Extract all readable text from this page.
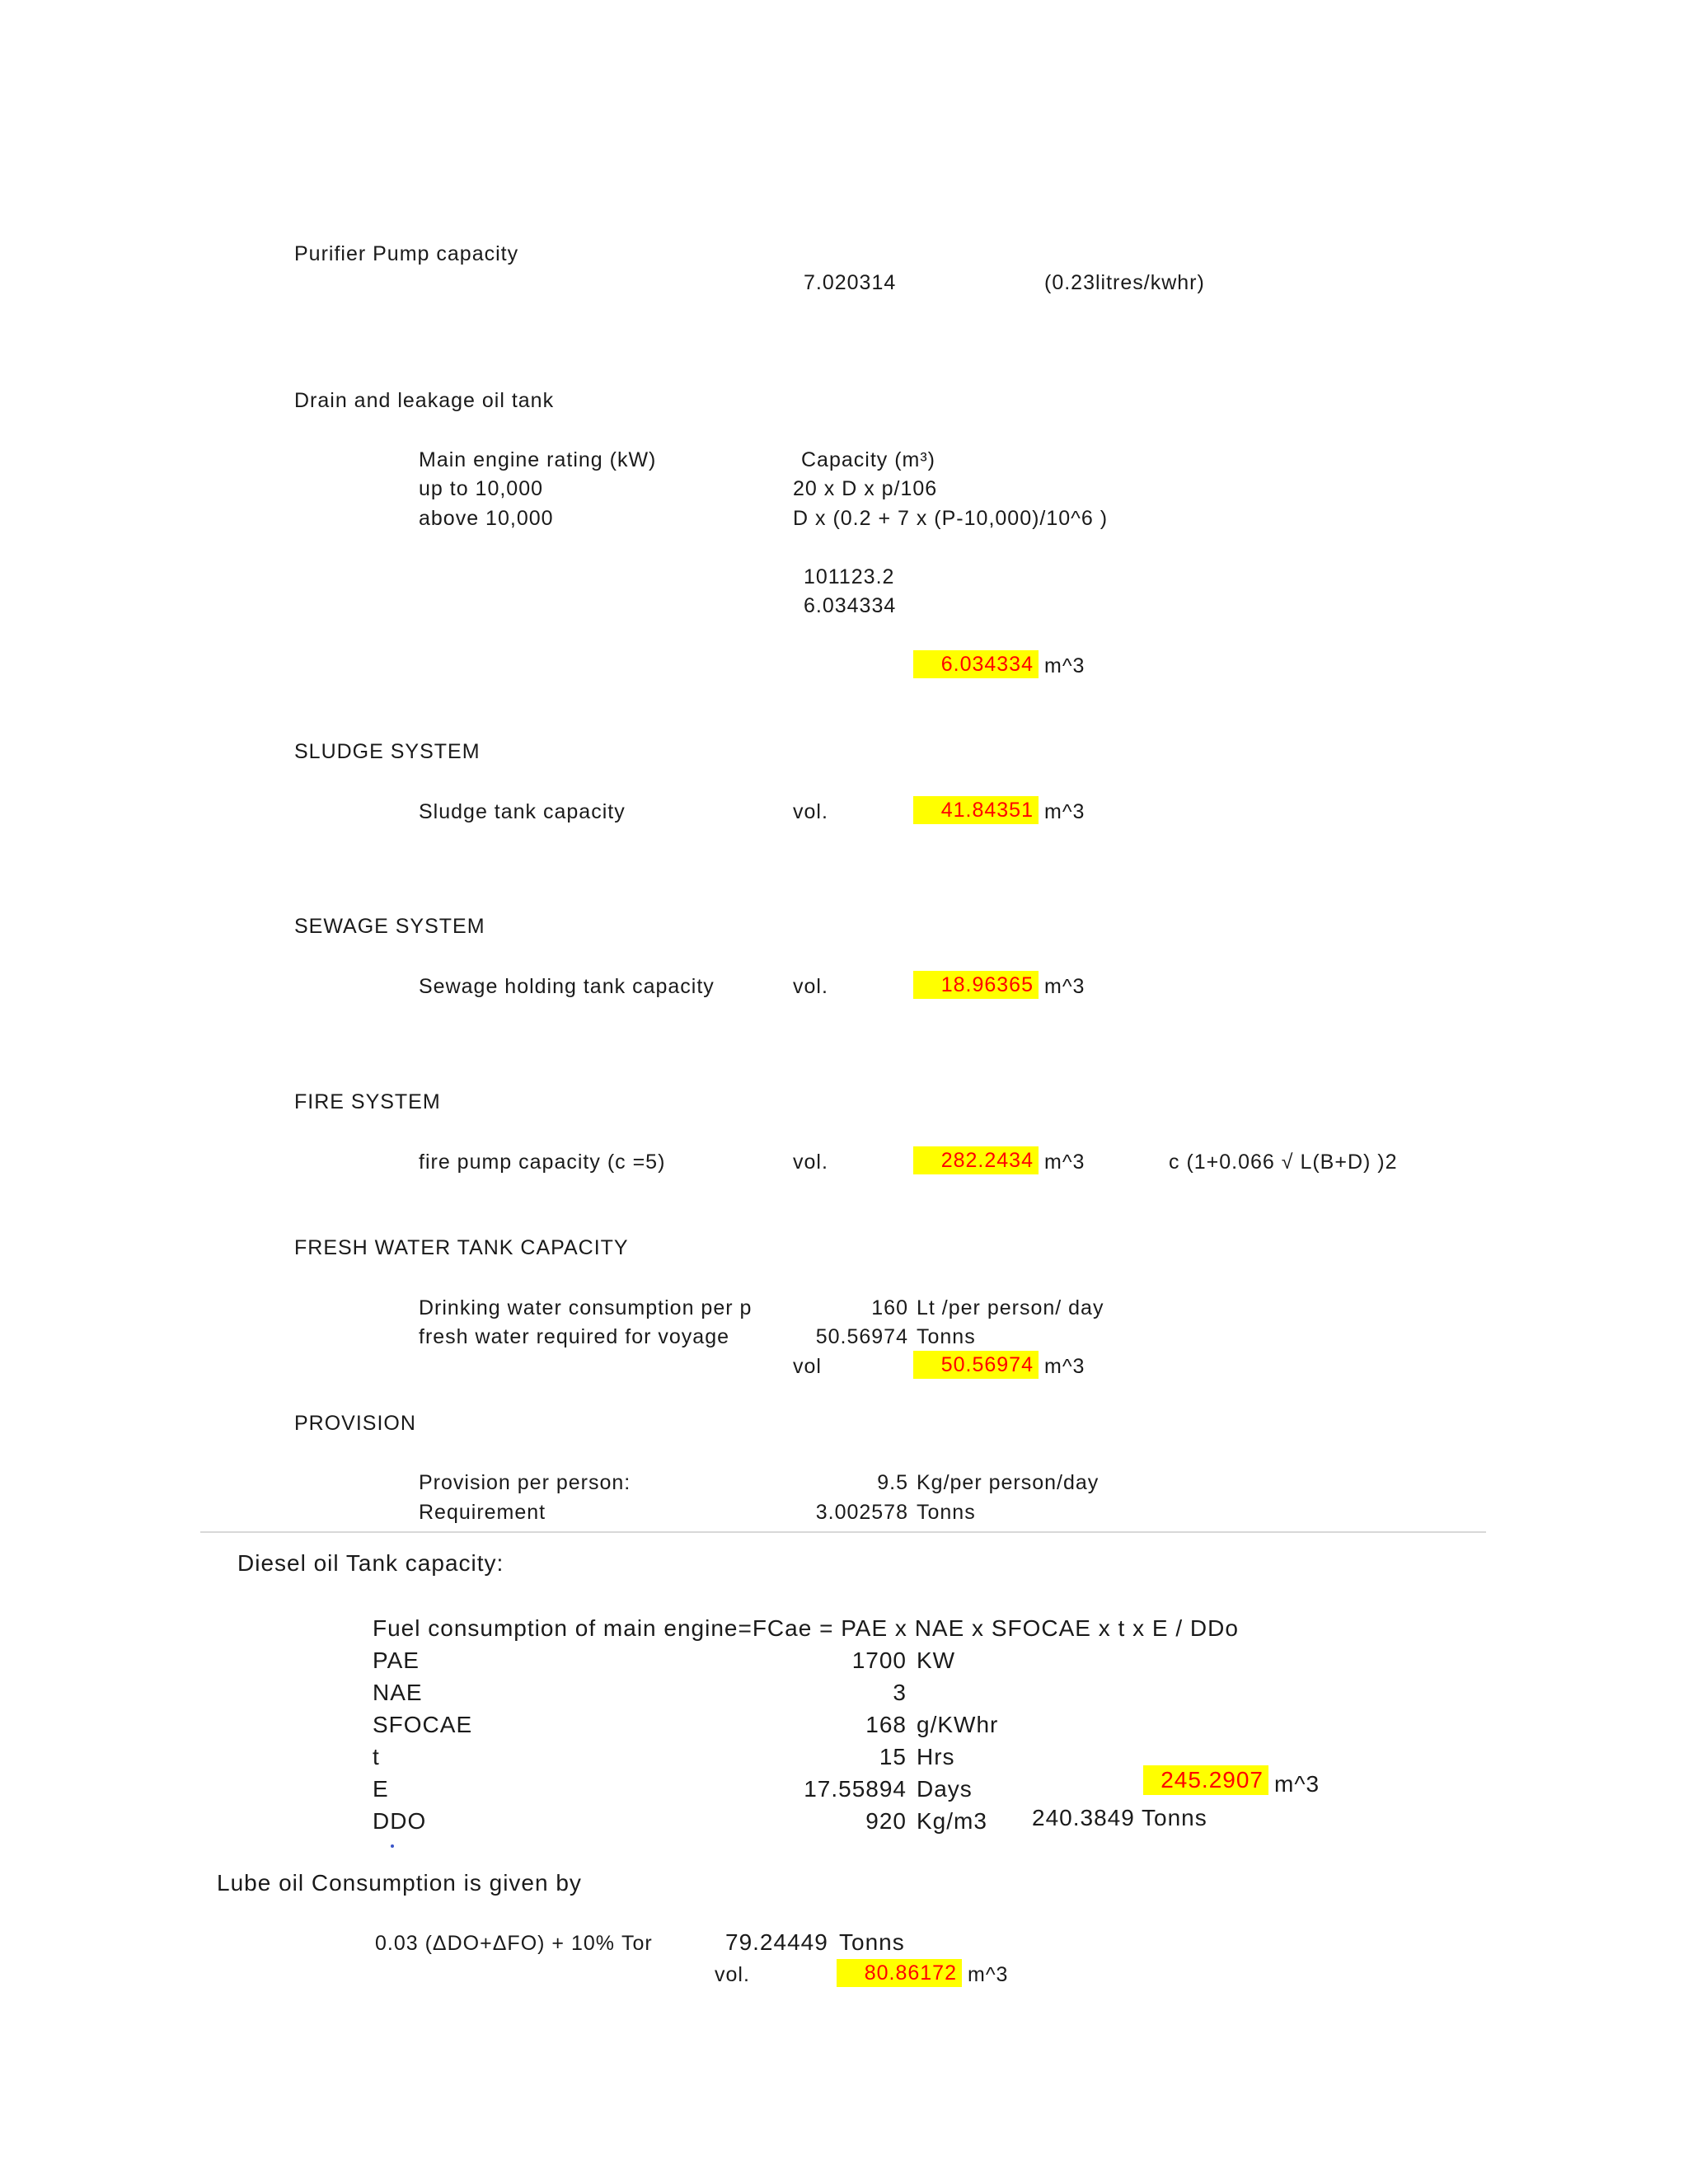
Purifier Pump capacity
7.020314	(0.23litres/kwhr)
Drain and leakage oil tank
Main engine rating (kW)	Capacity (m³)
up to 10,000	20 x D x p/106
above 10,000	D x (0.2 + 7 x (P-10,000)/10^6 )
101123.2
6.034334
6.034334 m^3
SLUDGE SYSTEM
Sludge tank capacity	vol.	41.84351 m^3
SEWAGE SYSTEM
Sewage holding tank capacity	vol.	18.96365 m^3
FIRE SYSTEM
fire pump capacity (c =5)	vol.	282.2434 m^3	c (1+0.066 √ L(B+D) )2
FRESH WATER TANK CAPACITY
Drinking water consumption per p	160 Lt /per person/ day
fresh water required for voyage	50.56974 Tonns
vol	50.56974 m^3
PROVISION
Provision per person:	9.5 Kg/per person/day
Requirement	3.002578 Tonns
Diesel oil Tank capacity:
Fuel consumption of main engine=FCae = PAE x NAE x SFOCAE x t x E / DDo
PAE	1700 KW
NAE	3
SFOCAE	168 g/KWhr
t	15 Hrs
E	17.55894 Days	245.2907 m^3
DDO	920 Kg/m3 240.3849 Tonns
Lube oil Consumption is given by
0.03 (ΔDO+ΔFO) + 10% Tor	79.24449 Tonns
vol.	80.86172 m^3
